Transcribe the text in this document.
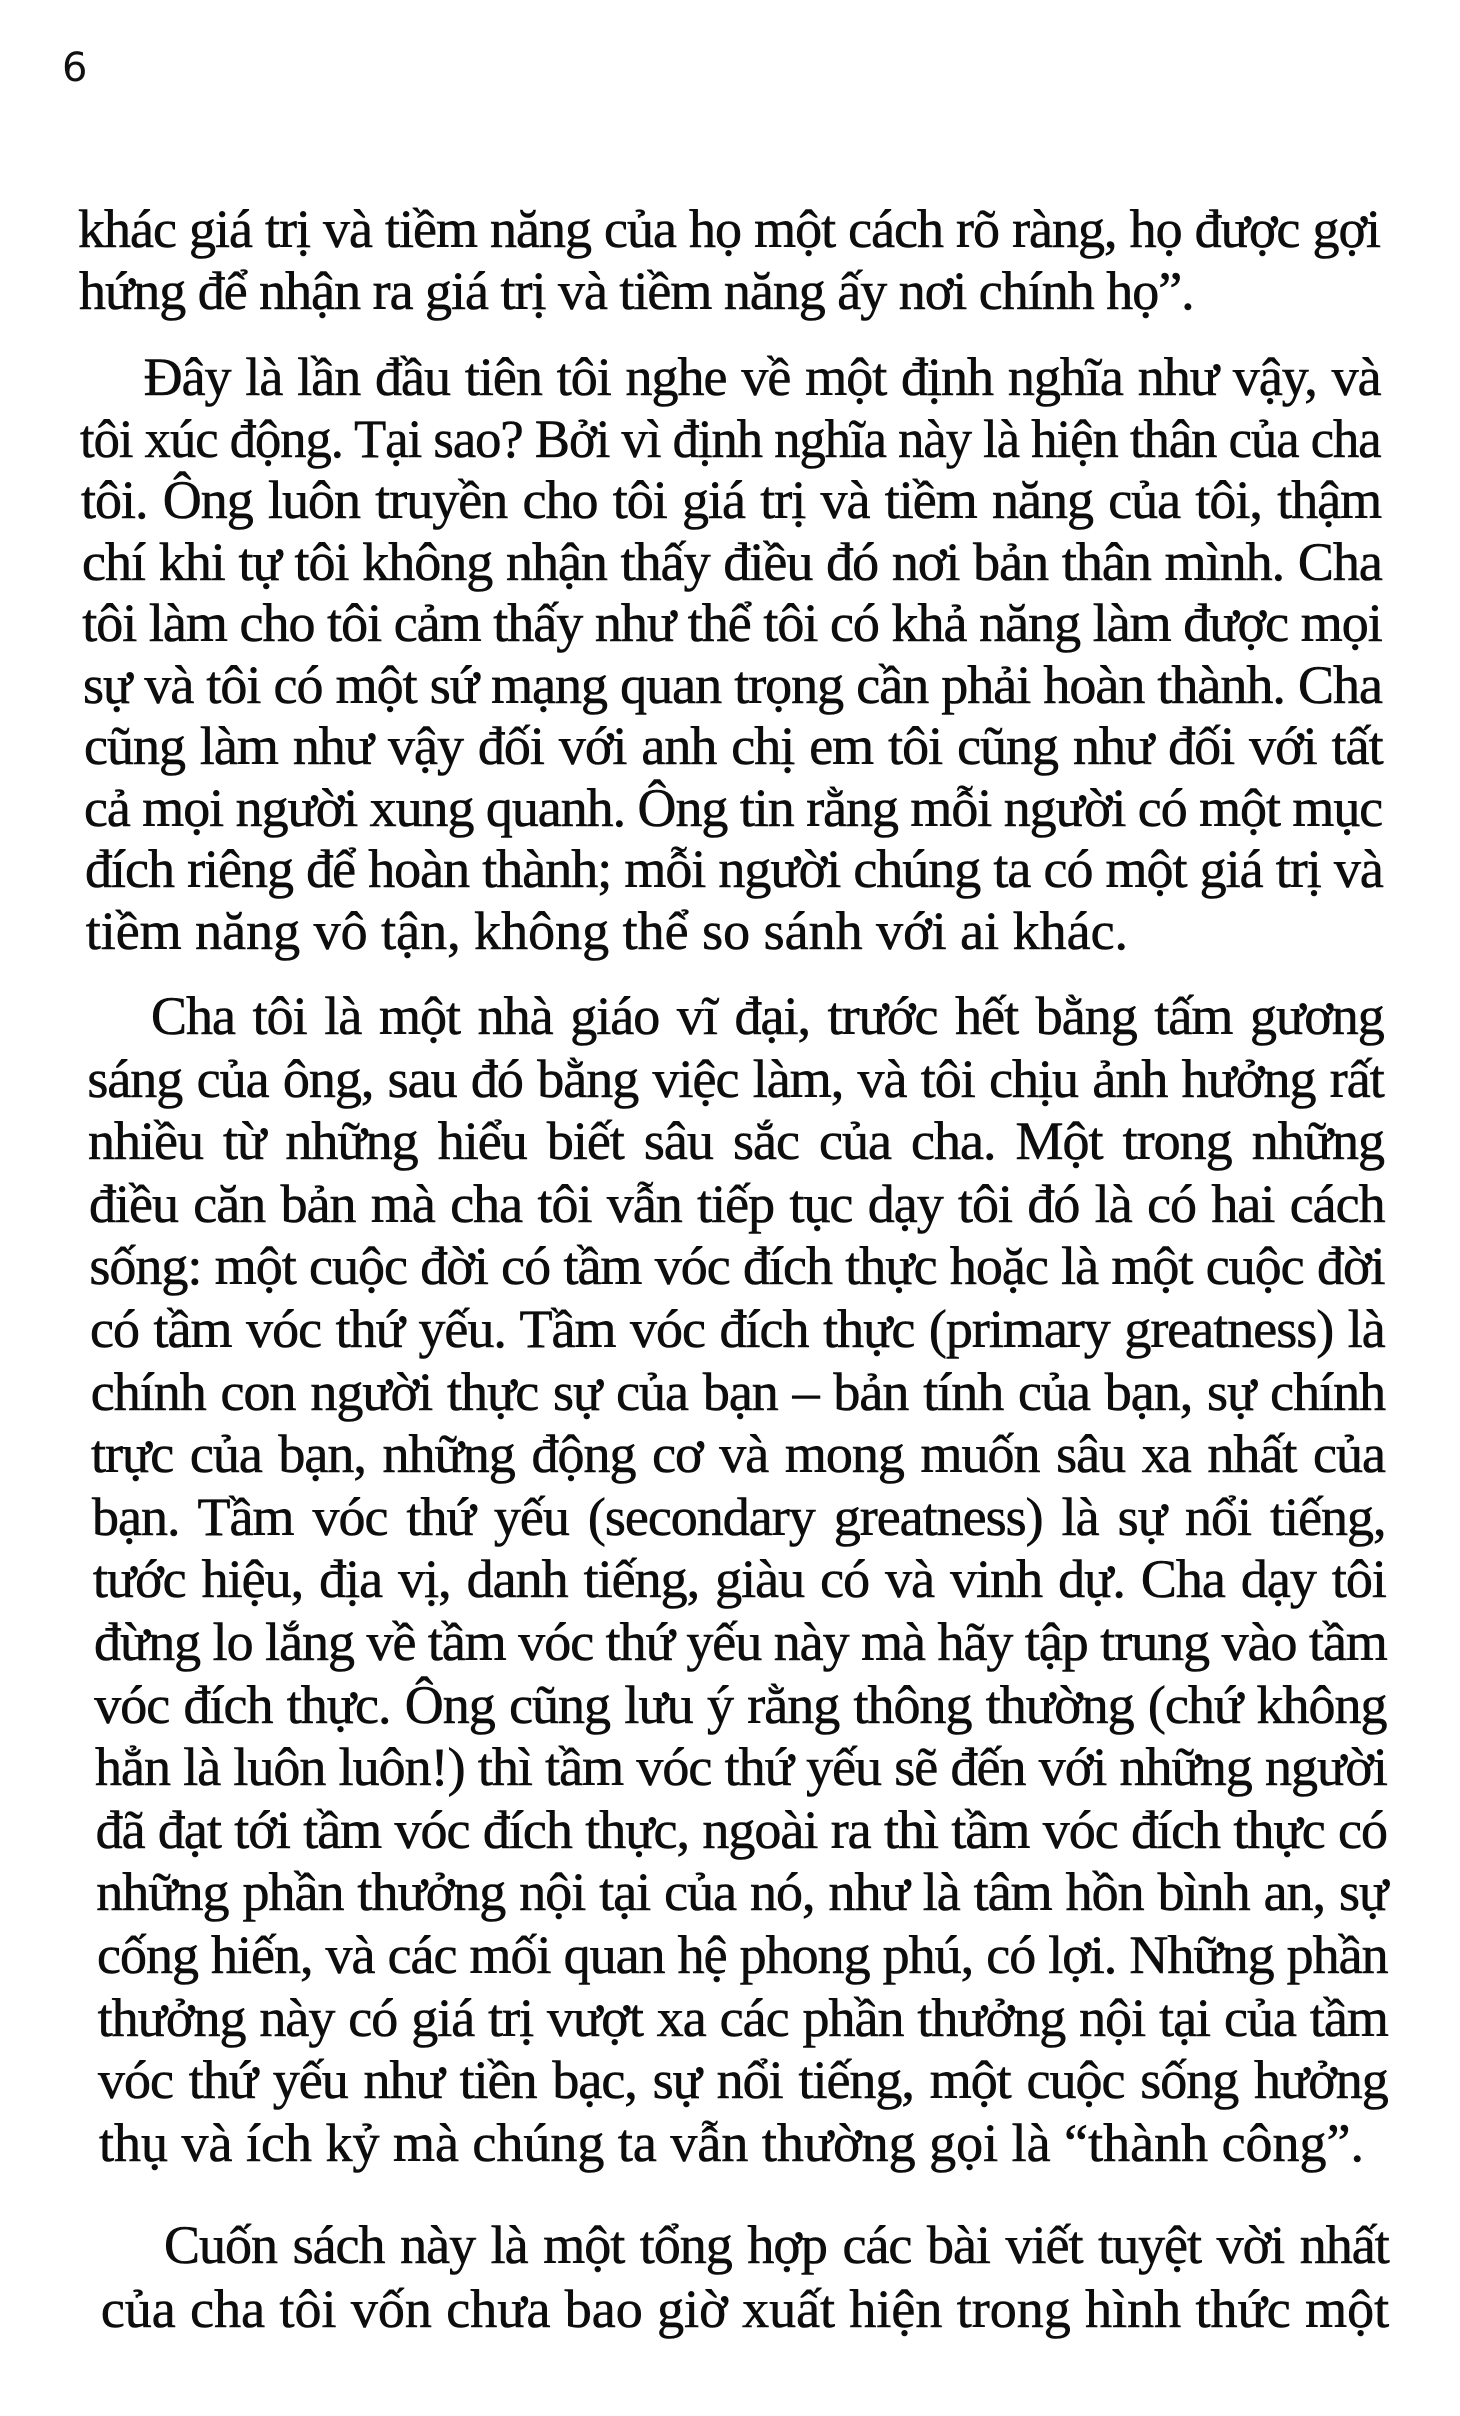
6
khác giá trị và tiềm năng của họ một cách rõ ràng, họ được gợi
hứng để nhận ra giá trị và tiềm năng ấy nơi chính họ”.
Đây là lần đầu tiên tôi nghe về một định nghĩa như vậy, và
tôi xúc động. Tại sao? Bởi vì định nghĩa này là hiện thân của cha
tôi. Ông luôn truyền cho tôi giá trị và tiềm năng của tôi, thậm
chí khi tự tôi không nhận thấy điều đó nơi bản thân mình. Cha
tôi làm cho tôi cảm thấy như thể tôi có khả năng làm được mọi
sự và tôi có một sứ mạng quan trọng cần phải hoàn thành. Cha
cũng làm như vậy đối với anh chị em tôi cũng như đối với tất
cả mọi người xung quanh. Ông tin rằng mỗi người có một mục
đích riêng để hoàn thành; mỗi người chúng ta có một giá trị và
tiềm năng vô tận, không thể so sánh với ai khác.
Cha tôi là một nhà giáo vĩ đại, trước hết bằng tấm gương
sáng của ông, sau đó bằng việc làm, và tôi chịu ảnh hưởng rất
nhiều từ những hiểu biết sâu sắc của cha. Một trong những
điều căn bản mà cha tôi vẫn tiếp tục dạy tôi đó là có hai cách
sống: một cuộc đời có tầm vóc đích thực hoặc là một cuộc đời
có tầm vóc thứ yếu. Tầm vóc đích thực (primary greatness) là
chính con người thực sự của bạn – bản tính của bạn, sự chính
trực của bạn, những động cơ và mong muốn sâu xa nhất của
bạn. Tầm vóc thứ yếu (secondary greatness) là sự nổi tiếng,
tước hiệu, địa vị, danh tiếng, giàu có và vinh dự. Cha dạy tôi
đừng lo lắng về tầm vóc thứ yếu này mà hãy tập trung vào tầm
vóc đích thực. Ông cũng lưu ý rằng thông thường (chứ không
hẳn là luôn luôn!) thì tầm vóc thứ yếu sẽ đến với những người
đã đạt tới tầm vóc đích thực, ngoài ra thì tầm vóc đích thực có
những phần thưởng nội tại của nó, như là tâm hồn bình an, sự
cống hiến, và các mối quan hệ phong phú, có lợi. Những phần
thưởng này có giá trị vượt xa các phần thưởng nội tại của tầm
vóc thứ yếu như tiền bạc, sự nổi tiếng, một cuộc sống hưởng
thụ và ích kỷ mà chúng ta vẫn thường gọi là “thành công”.
Cuốn sách này là một tổng hợp các bài viết tuyệt vời nhất
của cha tôi vốn chưa bao giờ xuất hiện trong hình thức một
